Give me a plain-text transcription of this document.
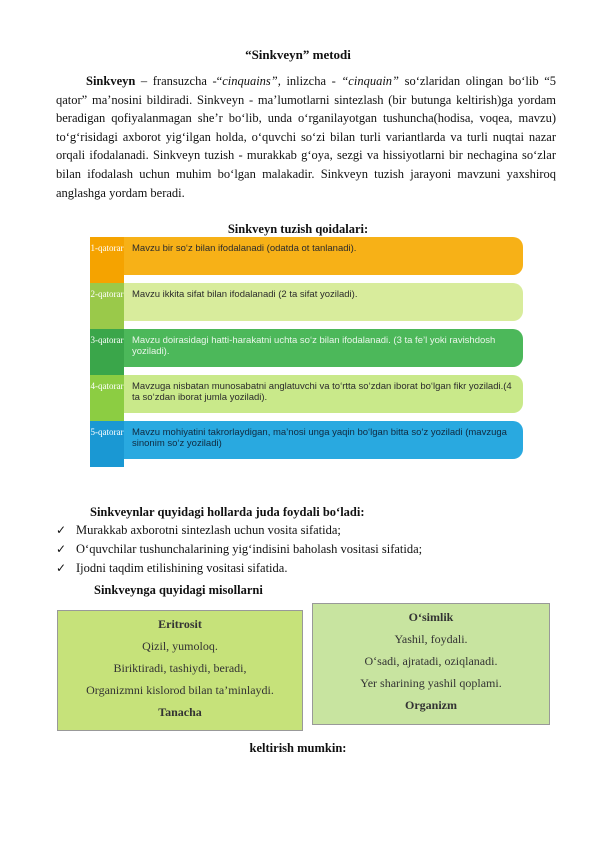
“Sinkveyn” metodi
Sinkveyn – fransuzcha -“cinquains”, inlizcha - “cinquain” so‘zlaridan olingan bo‘lib “5 qator” ma’nosini bildiradi. Sinkveyn - ma’lumotlarni sintezlash (bir butunga keltirish)ga yordam beradigan qofiyalanmagan she’r bo‘lib, unda o‘rganilayotgan tushuncha(hodisa, voqea, mavzu) to‘g‘risidagi axborot yig‘ilgan holda, o‘quvchi so‘zi bilan turli variantlarda va turli nuqtai nazar orqali ifodalanadi. Sinkveyn tuzish - murakkab g‘oya, sezgi va hissiyotlarni bir nechagina so‘zlar bilan ifodalash uchun muhim bo‘lgan malakadir. Sinkveyn tuzish jarayoni mavzuni yaxshiroq anglashga yordam beradi.
Sinkveyn tuzish qoidalari:
1-qatorar Mavzu bir so‘z bilan ifodalanadi (odatda ot tanlanadi).
2-qatorar Mavzu ikkita sifat bilan ifodalanadi (2 ta sifat yoziladi).
3-qatorar Mavzu doirasidagi hatti-harakatni uchta so‘z bilan ifodalanadi. (3 ta fe’l yoki ravishdosh yoziladi).
4-qatorar Mavzuga nisbatan munosabatni anglatuvchi va to‘rtta so‘zdan iborat bo‘lgan fikr yoziladi.(4 ta so‘zdan iborat jumla yoziladi).
5-qatorar Mavzu mohiyatini takrorlaydigan, ma’nosi unga yaqin bo‘lgan bitta so‘z yoziladi (mavzuga sinonim so‘z yoziladi)
Sinkveynlar quyidagi hollarda juda foydali bo‘ladi:
✓ Murakkab axborotni sintezlash uchun vosita sifatida;
✓ O‘quvchilar tushunchalarining yig‘indisini baholash vositasi sifatida;
✓ Ijodni taqdim etilishining vositasi sifatida.
Sinkveynga quyidagi misollarni
Eritrosit
Qizil, yumoloq.
Biriktiradi, tashiydi, beradi,
Organizmni kislorod bilan ta’minlaydi.
Tanacha
O‘simlik
Yashil, foydali.
O‘sadi, ajratadi, oziqlanadi.
Yer sharining yashil qoplami.
Organizm
keltirish mumkin:
